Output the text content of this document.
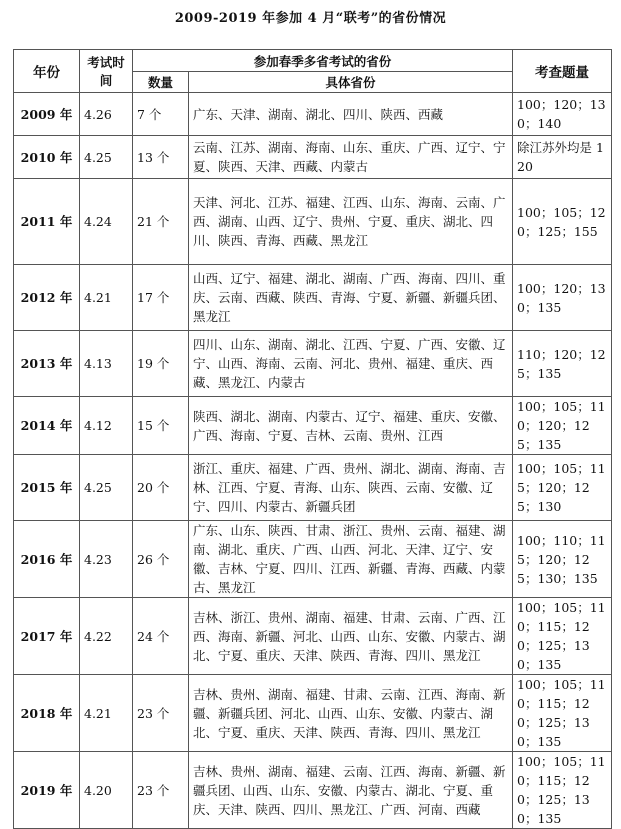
2009-2019 年参加 4 月“联考”的省份情况
年份	考试时间	参加春季多省考试的省份		考查题量
		数量	具体省份	
2009 年	4.26	7 个	广东、天津、湖南、湖北、四川、陕西、西藏	100；120；130；140
2010 年	4.25	13 个	云南、江苏、湖南、海南、山东、重庆、广西、辽宁、宁夏、陕西、天津、西藏、内蒙古	除江苏外均是 120
2011 年	4.24	21 个	天津、河北、江苏、福建、江西、山东、海南、云南、广西、湖南、山西、辽宁、贵州、宁夏、重庆、湖北、四川、陕西、青海、西藏、黑龙江	100；105；120；125；155
2012 年	4.21	17 个	山西、辽宁、福建、湖北、湖南、广西、海南、四川、重庆、云南、西藏、陕西、青海、宁夏、新疆、新疆兵团、黑龙江	100；120；130；135
2013 年	4.13	19 个	四川、山东、湖南、湖北、江西、宁夏、广西、安徽、辽宁、山西、海南、云南、河北、贵州、福建、重庆、西藏、黑龙江、内蒙古	110；120；125；135
2014 年	4.12	15 个	陕西、湖北、湖南、内蒙古、辽宁、福建、重庆、安徽、广西、海南、宁夏、吉林、云南、贵州、江西	100；105；110；120；125；135
2015 年	4.25	20 个	浙江、重庆、福建、广西、贵州、湖北、湖南、海南、吉林、江西、宁夏、青海、山东、陕西、云南、安徽、辽宁、四川、内蒙古、新疆兵团	100；105；115；120；125；130
2016 年	4.23	26 个	广东、山东、陕西、甘肃、浙江、贵州、云南、福建、湖南、湖北、重庆、广西、山西、河北、天津、辽宁、安徽、吉林、宁夏、四川、江西、新疆、青海、西藏、内蒙古、黑龙江	100；110；115；120；125；130；135
2017 年	4.22	24 个	吉林、浙江、贵州、湖南、福建、甘肃、云南、广西、江西、海南、新疆、河北、山西、山东、安徽、内蒙古、湖北、宁夏、重庆、天津、陕西、青海、四川、黑龙江	100；105；110；115；120；125；130；135
2018 年	4.21	23 个	吉林、贵州、湖南、福建、甘肃、云南、江西、海南、新疆、新疆兵团、河北、山西、山东、安徽、内蒙古、湖北、宁夏、重庆、天津、陕西、青海、四川、黑龙江	100；105；110；115；120；125；130；135
2019 年	4.20	23 个	吉林、贵州、湖南、福建、云南、江西、海南、新疆、新疆兵团、山西、山东、安徽、内蒙古、湖北、宁夏、重庆、天津、陕西、四川、黑龙江、广西、河南、西藏	100；105；110；115；120；125；130；135
